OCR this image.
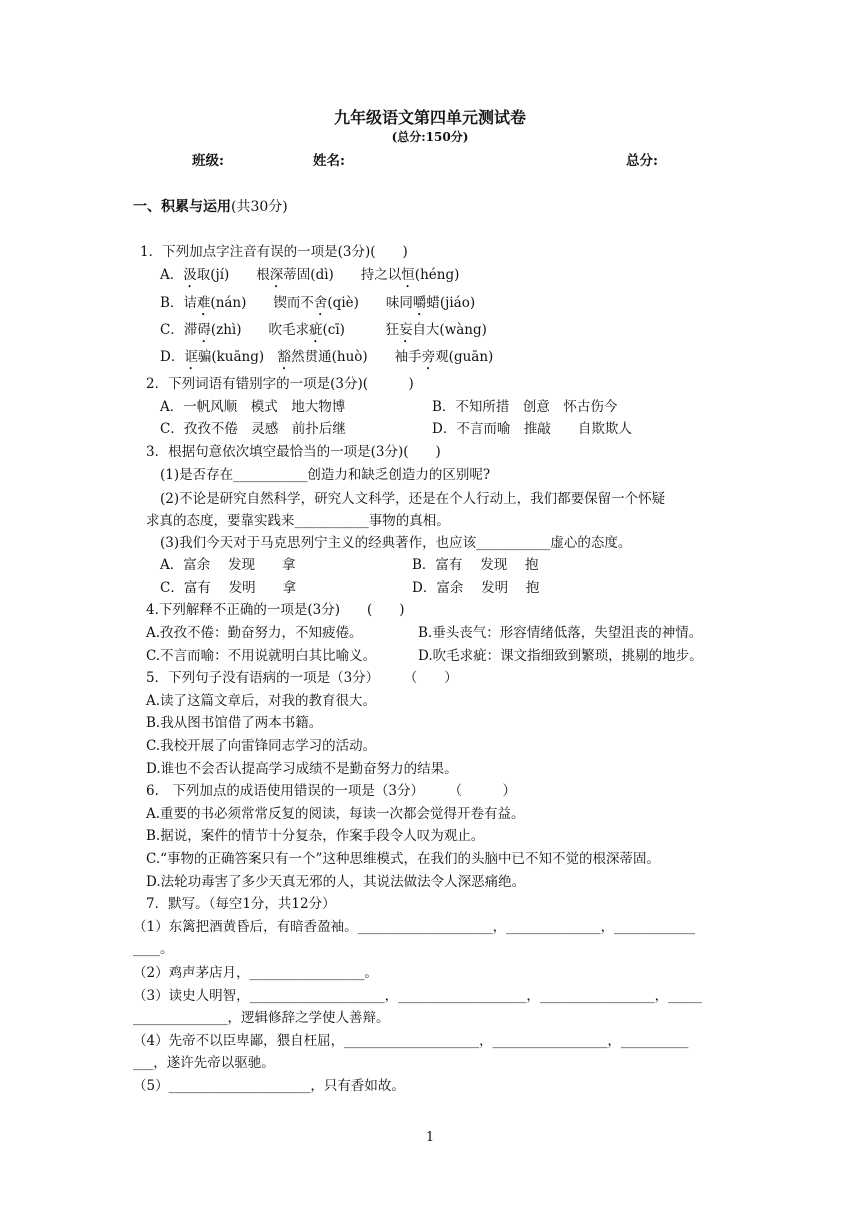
九年级语文第四单元测试卷
(总分:150分)
班级:	姓名:	总分:
一、积累与运用(共30分)
1．下列加点字注音有误的一项是(3分)(　　)
A．汲取(jí)　　根深蒂固(dì)　　持之以恒(héng)
B．诘难(nán)　　锲而不舍(qiè)　　味同嚼蜡(jiáo)
C．滞碍(zhì)　　吹毛求疵(cī)　　　狂妄自大(wàng)
D．诓骗(kuāng)　豁然贯通(huò)　　袖手旁观(guān)
2．下列词语有错别字的一项是(3分)(　　　)
A．一帆风顺　模式　地大物博	B．不知所措　创意　怀古伤今
C．孜孜不倦　灵感　前扑后继	D．不言而喻　推敲　　自欺欺人
3．根据句意依次填空最恰当的一项是(3分)(　　)
(1)是否存在___________创造力和缺乏创造力的区别呢?
(2)不论是研究自然科学，研究人文科学，还是在个人行动上，我们都要保留一个怀疑
求真的态度，要靠实践来___________事物的真相。
(3)我们今天对于马克思列宁主义的经典著作，也应该___________虚心的态度。
A．富余　 发现　　拿	B．富有　 发现　 抱
C．富有　 发明　　拿	D．富余　 发明　 抱
4.下列解释不正确的一项是(3分)　　(　　)
A.孜孜不倦：勤奋努力，不知疲倦。	B.垂头丧气：形容情绪低落，失望沮丧的神情。
C.不言而喻：不用说就明白其比喻义。	D.吹毛求疵：课文指细致到繁琐，挑剔的地步。
5．下列句子没有语病的一项是（3分）　　 （　　）
A.读了这篇文章后，对我的教育很大。
B.我从图书馆借了两本书籍。
C.我校开展了向雷锋同志学习的活动。
D.谁也不会否认提高学习成绩不是勤奋努力的结果。
6.　下列加点的成语使用错误的一项是（3分）　　 （　　　）
A.重要的书必须常常反复的阅读，每读一次都会觉得开卷有益。
B.据说，案件的情节十分复杂，作案手段令人叹为观止。
C.“事物的正确答案只有一个”这种思维模式，在我们的头脑中已不知不觉的根深蒂固。
D.法轮功毒害了多少天真无邪的人，其说法做法令人深恶痛绝。
7．默写。（每空1分，共12分）
（1）东篱把酒黄昏后，有暗香盈袖。____________________，______________，____________
____。
（2）鸡声茅店月，_________________。
（3）读史人明智，____________________，___________________，_________________，_____
______________，逻辑修辞之学使人善辩。
（4）先帝不以臣卑鄙，猥自枉屈，____________________，_________________，__________
___，遂许先帝以驱驰。
（5）_____________________，只有香如故。
1
